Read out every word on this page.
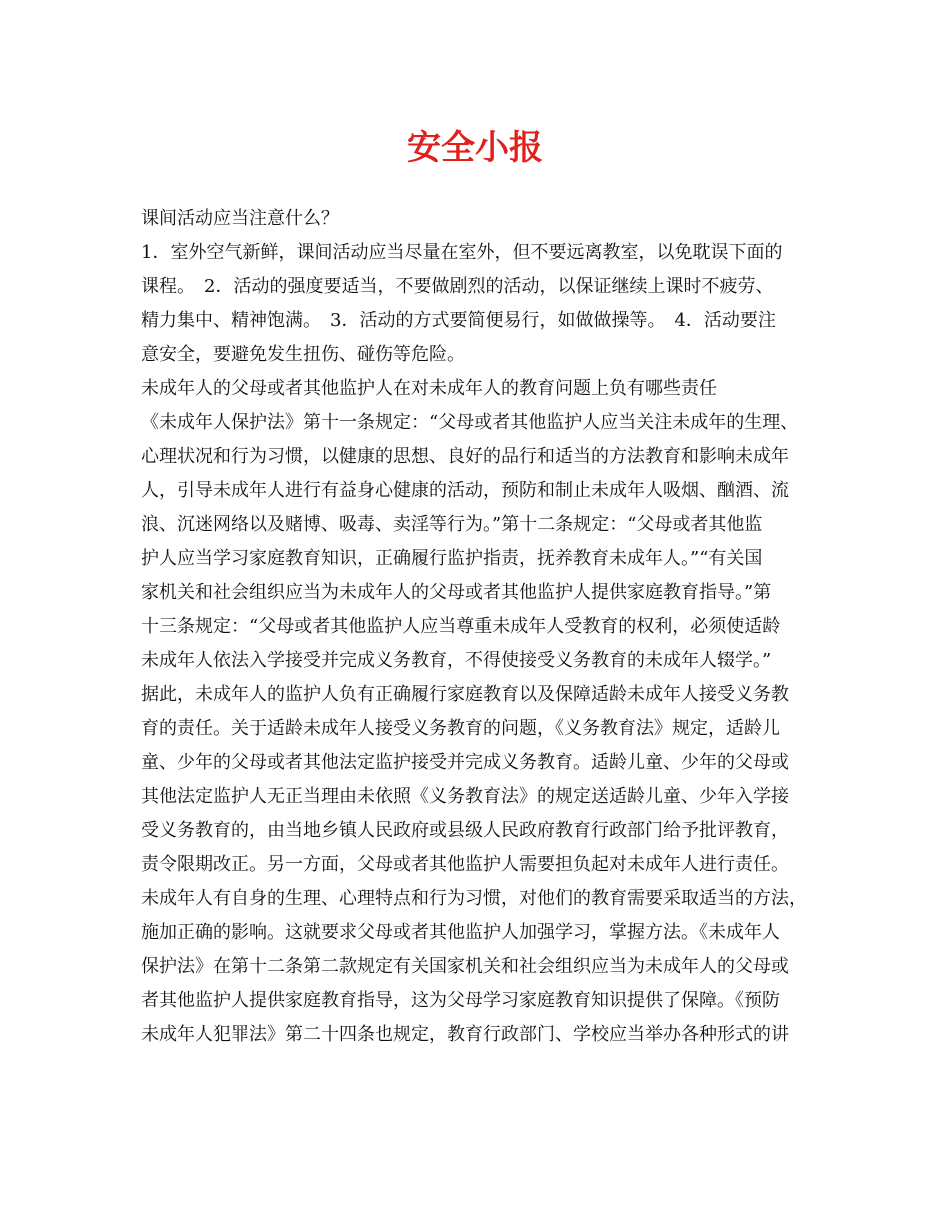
安全小报
课间活动应当注意什么？
1．室外空气新鲜，课间活动应当尽量在室外，但不要远离教室，以免耽误下面的
课程。　2．活动的强度要适当，不要做剧烈的活动，以保证继续上课时不疲劳、
精力集中、精神饱满。　3．活动的方式要简便易行，如做做操等。　4．活动要注
意安全，要避免发生扭伤、碰伤等危险。
未成年人的父母或者其他监护人在对未成年人的教育问题上负有哪些责任
《未成年人保护法》第十一条规定：“父母或者其他监护人应当关注未成年的生理、
心理状况和行为习惯，以健康的思想、良好的品行和适当的方法教育和影响未成年
人，引导未成年人进行有益身心健康的活动，预防和制止未成年人吸烟、酗酒、流
浪、沉迷网络以及赌博、吸毒、卖淫等行为。”第十二条规定：“父母或者其他监
护人应当学习家庭教育知识，正确履行监护指责，抚养教育未成年人。”“有关国
家机关和社会组织应当为未成年人的父母或者其他监护人提供家庭教育指导。”第
十三条规定：“父母或者其他监护人应当尊重未成年人受教育的权利，必须使适龄
未成年人依法入学接受并完成义务教育，不得使接受义务教育的未成年人辍学。”
据此，未成年人的监护人负有正确履行家庭教育以及保障适龄未成年人接受义务教
育的责任。关于适龄未成年人接受义务教育的问题，《义务教育法》规定，适龄儿
童、少年的父母或者其他法定监护接受并完成义务教育。适龄儿童、少年的父母或
其他法定监护人无正当理由未依照《义务教育法》的规定送适龄儿童、少年入学接
受义务教育的，由当地乡镇人民政府或县级人民政府教育行政部门给予批评教育，
责令限期改正。另一方面，父母或者其他监护人需要担负起对未成年人进行责任。
未成年人有自身的生理、心理特点和行为习惯，对他们的教育需要采取适当的方法，
施加正确的影响。这就要求父母或者其他监护人加强学习，掌握方法。《未成年人
保护法》在第十二条第二款规定有关国家机关和社会组织应当为未成年人的父母或
者其他监护人提供家庭教育指导，这为父母学习家庭教育知识提供了保障。《预防
未成年人犯罪法》第二十四条也规定，教育行政部门、学校应当举办各种形式的讲
